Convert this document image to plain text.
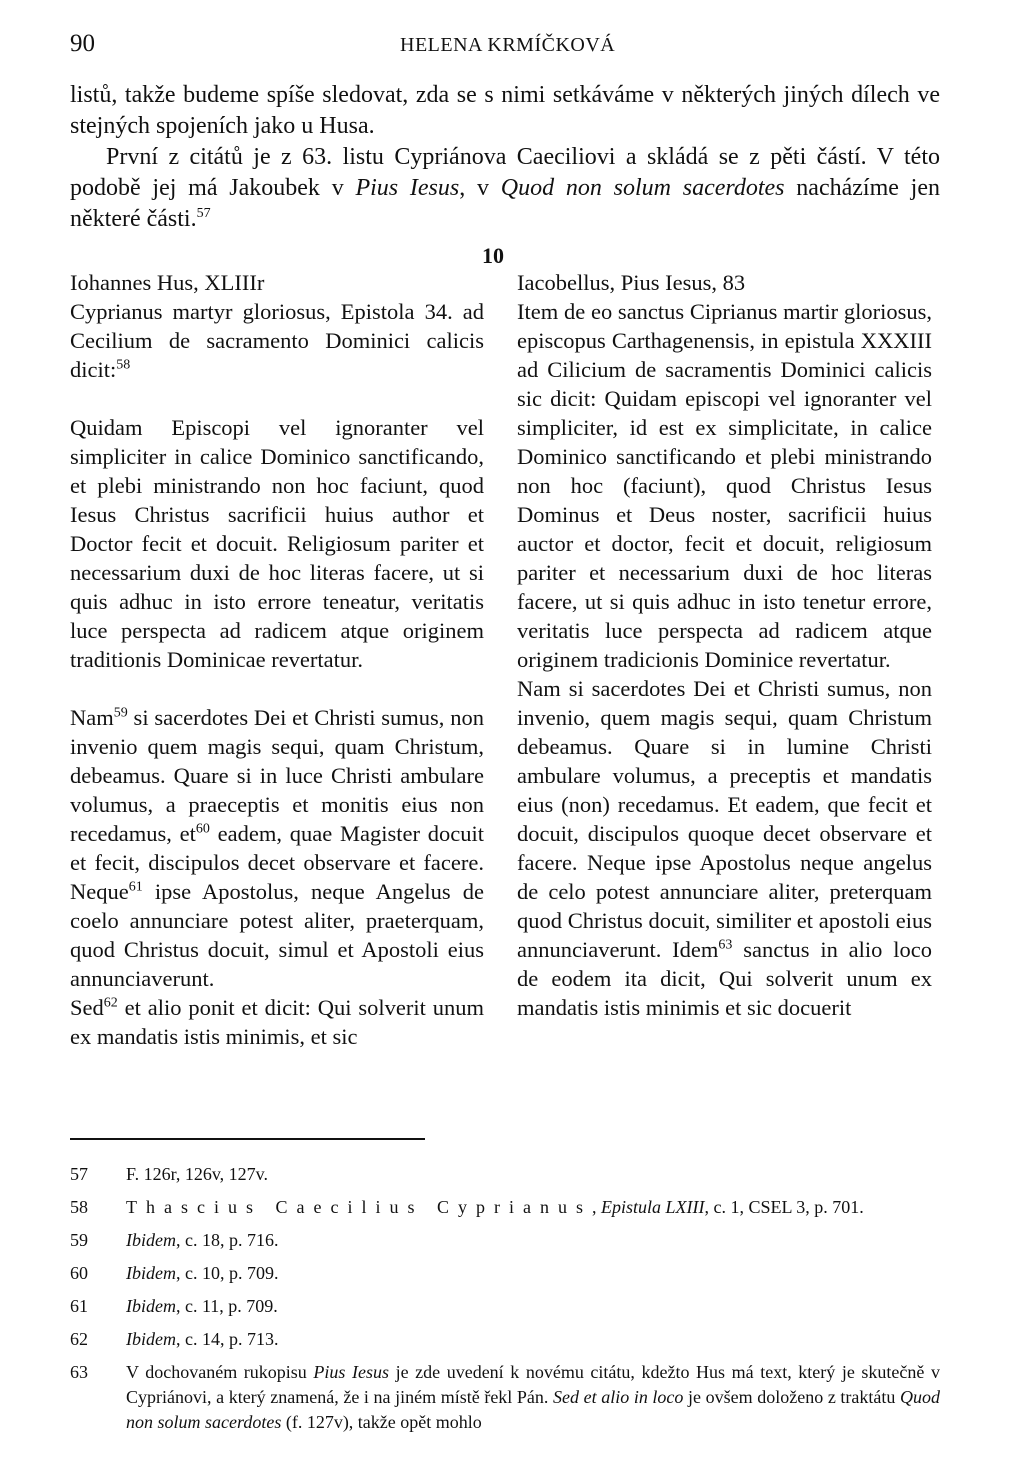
90	HELENA KRMÍČKOVÁ

listů, takže budeme spíše sledovat, zda se s nimi setkáváme v některých jiných dílech ve stejných spojeních jako u Husa.

První z citátů je z 63. listu Cypriánova Caeciliovi a skládá se z pěti částí. V této podobě jej má Jakoubek v Pius Iesus, v Quod non solum sacerdotes nacházíme jen některé části.$^{57}$

10

Iohannes Hus, XLIIIr

Cyprianus martyr gloriosus, Epistola 34. ad Cecilium de sacramento Dominici calicis dicit:$^{58}$

Quidam Episcopi vel ignoranter vel simpliciter in calice Dominico sanctificando, et plebi ministrando non hoc faciunt, quod Iesus Christus sacrificii huius author et Doctor fecit et docuit. Religiosum pariter et necessarium duxi de hoc literas facere, ut si quis adhuc in isto errore teneatur, veritatis luce perspecta ad radicem atque originem traditionis Dominicae revertatur.

Nam$^{59}$ si sacerdotes Dei et Christi sumus, non invenio quem magis sequi, quam Christum, debeamus. Quare si in luce Christi ambulare volumus, a praeceptis et monitis eius non recedamus, $et^{60}$ eadem, quae Magister docuit et fecit, discipulos decet observare et facere. Neque$^{61}$ ipse Apostolus, neque Angelus de coelo annunciare potest aliter, praeterquam, quod Christus docuit, simul et Apostoli eius annunciaverunt.

Sed$^{62}$ et alio ponit et dicit: Qui solverit unum ex mandatis istis minimis, et sic

Iacobellus, Pius Iesus, 83

Item de eo sanctus Ciprianus martir gloriosus, episcopus Carthagenensis, in epistula XXXIII ad Cilicium de sacramentis Dominici calicis sic dicit: Quidam episcopi vel ignoranter vel simpliciter, id est ex simplicitate, in calice Dominico sanctificando et plebi ministrando non hoc (faciunt), quod Christus Iesus Dominus et Deus noster, sacrificii huius auctor et doctor, fecit et docuit, religiosum pariter et necessarium duxi de hoc literas facere, ut si quis adhuc in isto tenetur errore, veritatis luce perspecta ad radicem atque originem tradicionis Dominice revertatur.

Nam si sacerdotes Dei et Christi sumus, non invenio, quem magis sequi, quam Christum debeamus. Quare si in lumine Christi ambulare volumus, a preceptis et mandatis eius (non) recedamus. Et eadem, que fecit et docuit, discipulos quoque decet observare et facere. Neque ipse Apostolus neque angelus de celo potest annunciare aliter, preterquam quod Christus docuit, similiter et apostoli eius annunciaverunt. Idem$^{63}$ sanctus in alio loco de eodem ita dicit, Qui solverit unum ex mandatis istis minimis et sic docuerit

57	F. 126r, 126v, 127v.
58	Thascius Caecilius Cyprianus, Epistula LXIII, c. 1, CSEL 3, p. 701.
59	Ibidem, c. 18, p. 716.
60	Ibidem, c. 10, p. 709.
61	Ibidem, c. 11, p. 709.
62	Ibidem, c. 14, p. 713.
63	V dochovaném rukopisu Pius Iesus je zde uvedení k novému citátu, kdežto Hus má text, který je skutečně v Cypriánovi, a který znamená, že i na jiném místě řekl Pán. Sed et alio in loco je ovšem doloženo z traktátu Quod non solum sacerdotes (f. 127v), takže opět mohlo
